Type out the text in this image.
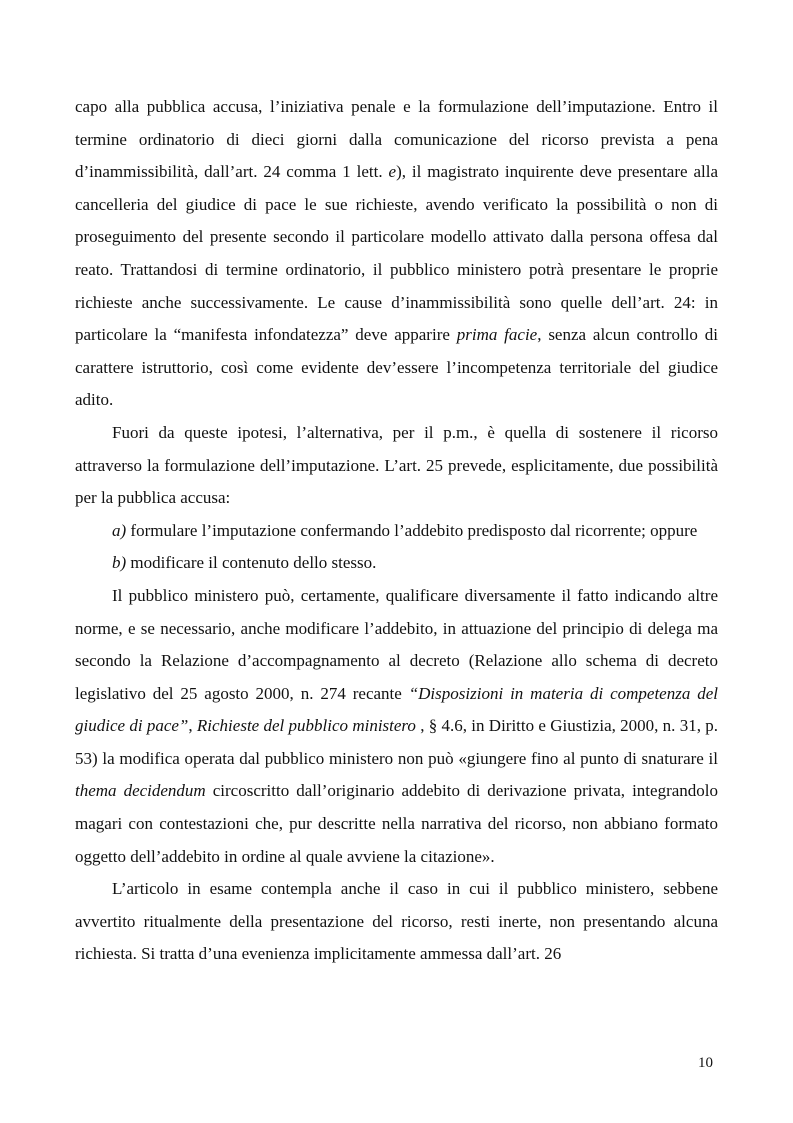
capo alla pubblica accusa, l’iniziativa penale e la formulazione dell’imputazione. Entro il termine ordinatorio di dieci giorni dalla comunicazione del ricorso prevista a pena d’inammissibilità, dall’art. 24 comma 1 lett. e), il magistrato inquirente deve presentare alla cancelleria del giudice di pace le sue richieste, avendo verificato la possibilità o non di proseguimento del presente secondo il particolare modello attivato dalla persona offesa dal reato. Trattandosi di termine ordinatorio, il pubblico ministero potrà presentare le proprie richieste anche successivamente. Le cause d’inammissibilità sono quelle dell’art. 24: in particolare la “manifesta infondatezza” deve apparire prima facie, senza alcun controllo di carattere istruttorio, così come evidente dev’essere l’incompetenza territoriale del giudice adito.

Fuori da queste ipotesi, l’alternativa, per il p.m., è quella di sostenere il ricorso attraverso la formulazione dell’imputazione. L’art. 25 prevede, esplicitamente, due possibilità per la pubblica accusa:

a) formulare l’imputazione confermando l’addebito predisposto dal ricorrente; oppure

b) modificare il contenuto dello stesso.

Il pubblico ministero può, certamente, qualificare diversamente il fatto indicando altre norme, e se necessario, anche modificare l’addebito, in attuazione del principio di delega ma secondo la Relazione d’accompagnamento al decreto (Relazione allo schema di decreto legislativo del 25 agosto 2000, n. 274 recante “Disposizioni in materia di competenza del giudice di pace”, Richieste del pubblico ministero , § 4.6, in Diritto e Giustizia, 2000, n. 31, p. 53) la modifica operata dal pubblico ministero non può «giungere fino al punto di snaturare il thema decidendum circoscritto dall’originario addebito di derivazione privata, integrandolo magari con contestazioni che, pur descritte nella narrativa del ricorso, non abbiano formato oggetto dell’addebito in ordine al quale avviene la citazione».

L’articolo in esame contempla anche il caso in cui il pubblico ministero, sebbene avvertito ritualmente della presentazione del ricorso, resti inerte, non presentando alcuna richiesta. Si tratta d’una evenienza implicitamente ammessa dall’art. 26

10
